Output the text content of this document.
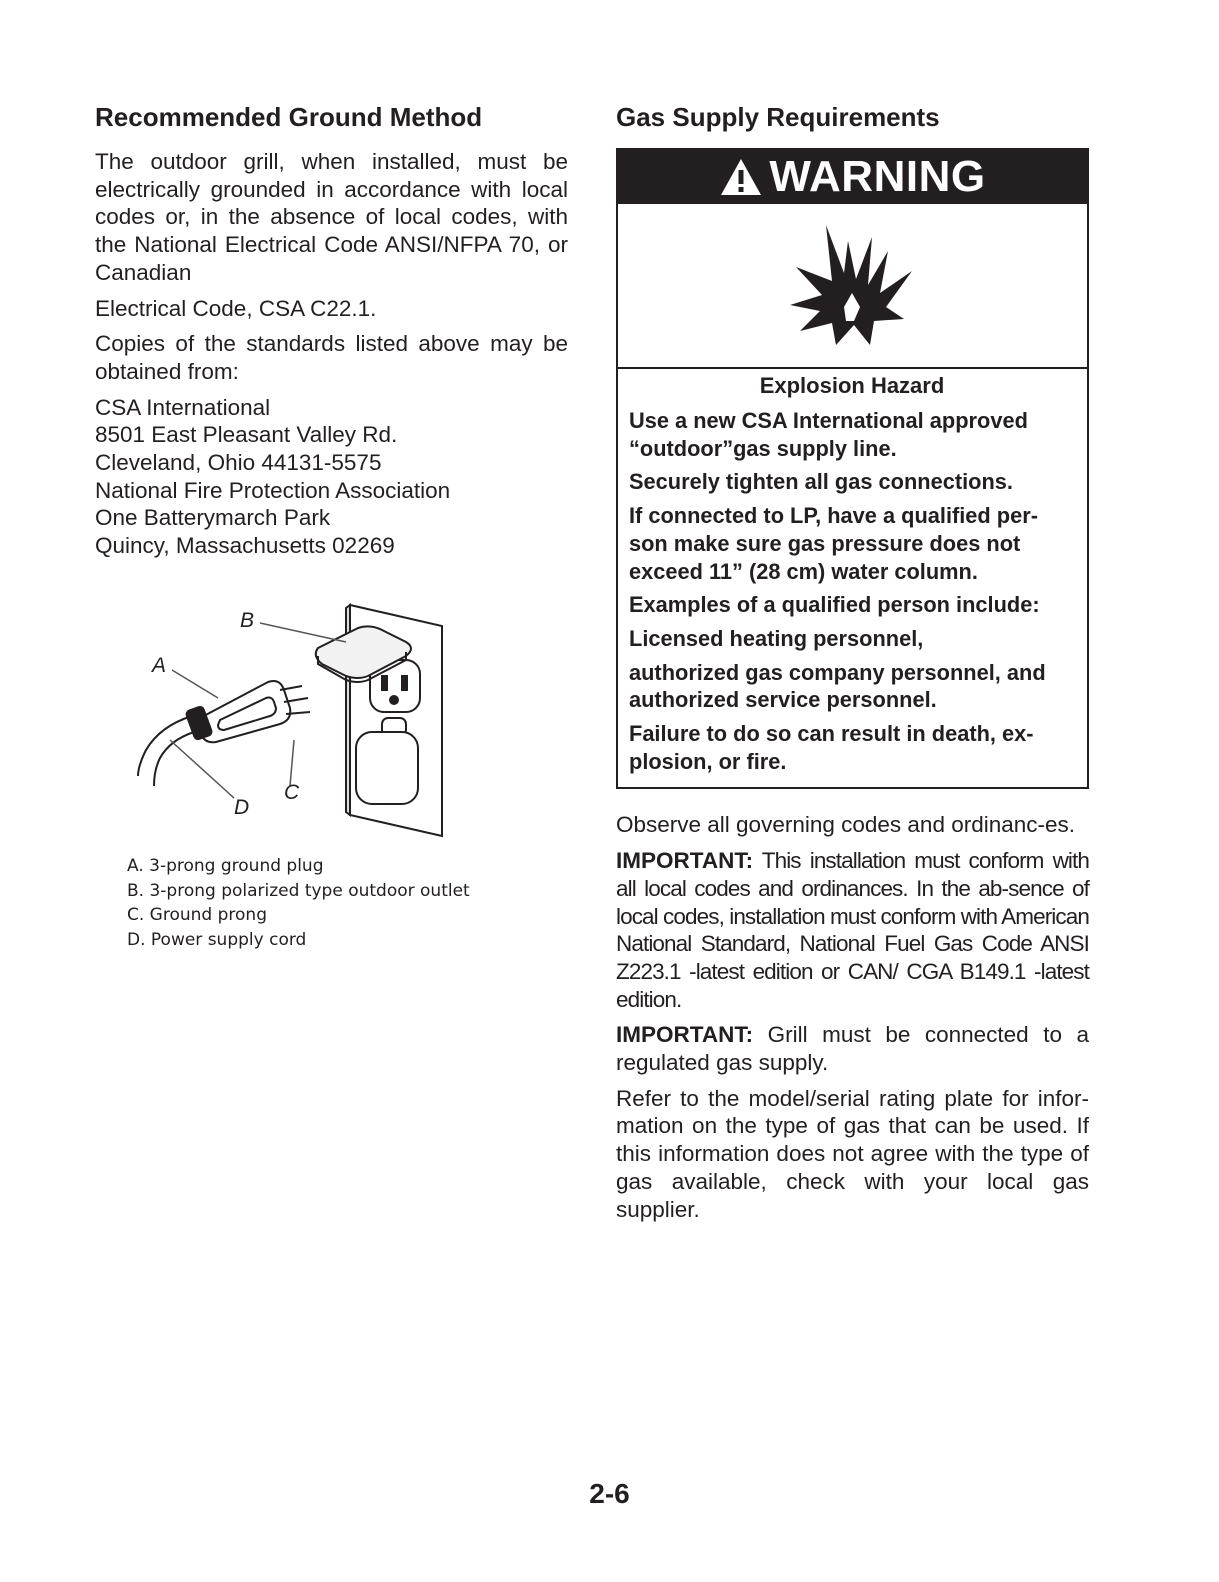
Recommended Ground Method

The outdoor grill, when installed, must be electrically grounded in accordance with local codes or, in the absence of local codes, with the National Electrical Code ANSI/NFPA 70, or Canadian

Electrical Code, CSA C22.1.

Copies of the standards listed above may be obtained from:

CSA International
8501 East Pleasant Valley Rd.
Cleveland, Ohio 44131-5575
National Fire Protection Association
One Batterymarch Park
Quincy, Massachusetts 02269
B
A
C
D
A. 3-prong ground plug
B. 3-prong polarized type outdoor outlet
C. Ground prong
D. Power supply cord
Gas Supply Requirements
WARNING
Explosion Hazard

Use a new CSA International approved “outdoor”gas supply line.

Securely tighten all gas connections.

If connected to LP, have a qualified per-son make sure gas pressure does not exceed 11” (28 cm) water column.

Examples of a qualified person include:

Licensed heating personnel,

authorized gas company personnel, and authorized service personnel.

Failure to do so can result in death, ex-plosion, or fire.

Observe all governing codes and ordinanc-es.

IMPORTANT: This installation must conform with all local codes and ordinances. In the ab-sence of local codes, installation must conform with American National Standard, National Fuel Gas Code ANSI Z223.1 -latest edition or CAN/ CGA B149.1 -latest edition.

IMPORTANT: Grill must be connected to a regulated gas supply.

Refer to the model/serial rating plate for infor-mation on the type of gas that can be used. If this information does not agree with the type of gas available, check with your local gas supplier.

2-6
